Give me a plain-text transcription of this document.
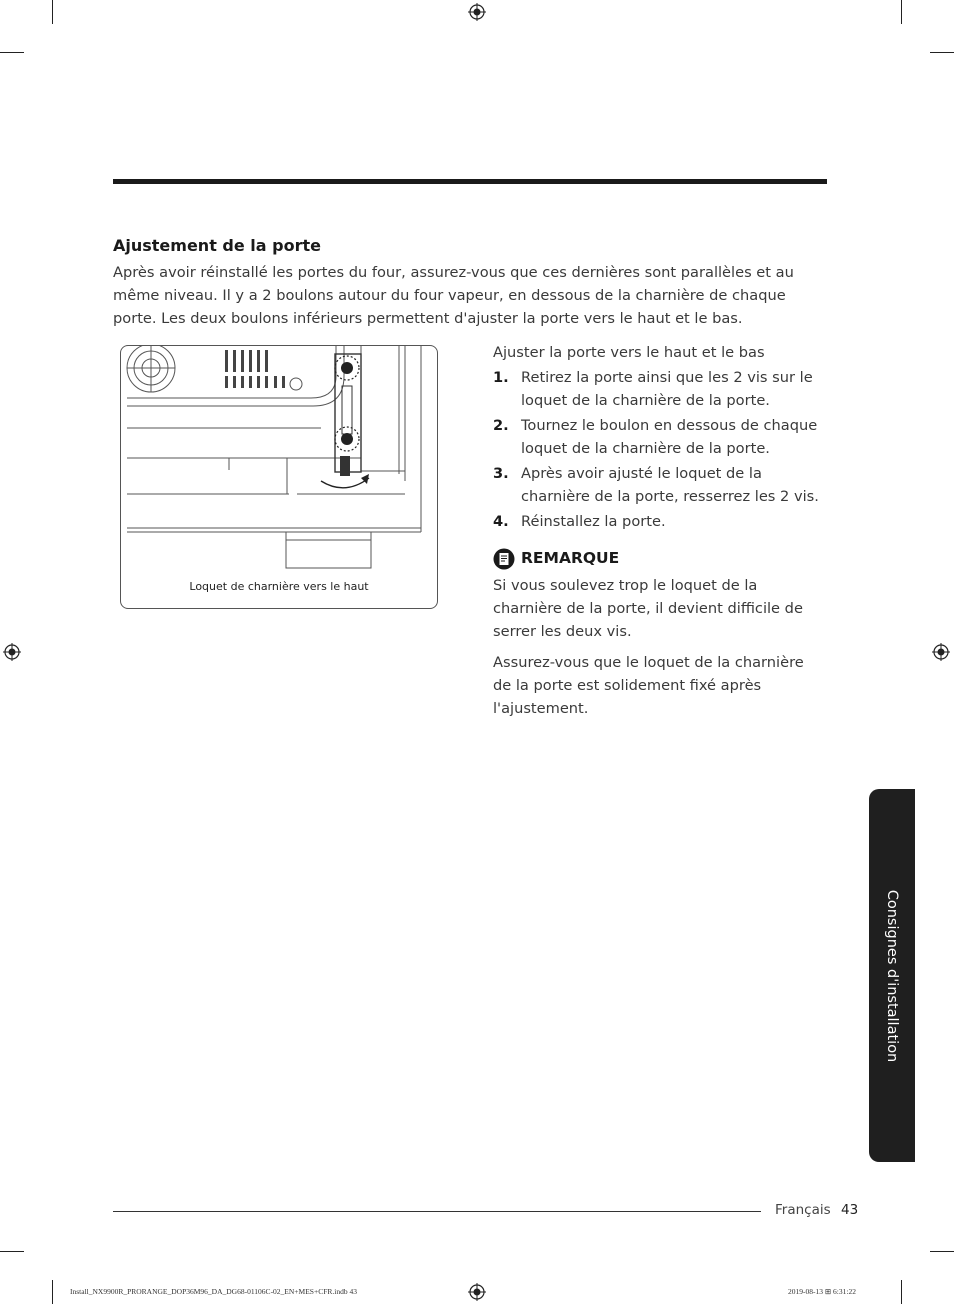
Ajustement de la porte

Après avoir réinstallé les portes du four, assurez-vous que ces dernières sont parallèles et au même niveau. Il y a 2 boulons autour du four vapeur, en dessous de la charnière de chaque porte. Les deux boulons inférieurs permettent d'ajuster la porte vers le haut et le bas.

Loquet de charnière vers le haut

Ajuster la porte vers le haut et le bas

1. Retirez la porte ainsi que les 2 vis sur le loquet de la charnière de la porte.
2. Tournez le boulon en dessous de chaque loquet de la charnière de la porte.
3. Après avoir ajusté le loquet de la charnière de la porte, resserrez les 2 vis.
4. Réinstallez la porte.
REMARQUE

Si vous soulevez trop le loquet de la charnière de la porte, il devient difficile de serrer les deux vis.

Assurez-vous que le loquet de la charnière de la porte est solidement fixé après l'ajustement.

Consignes d'installation
Français 43
Install_NX9900R_PRORANGE_DOP36M96_DA_DG68-01106C-02_EN+MES+CFR.indb 43	2019-08-13 ⊞ 6:31:22
